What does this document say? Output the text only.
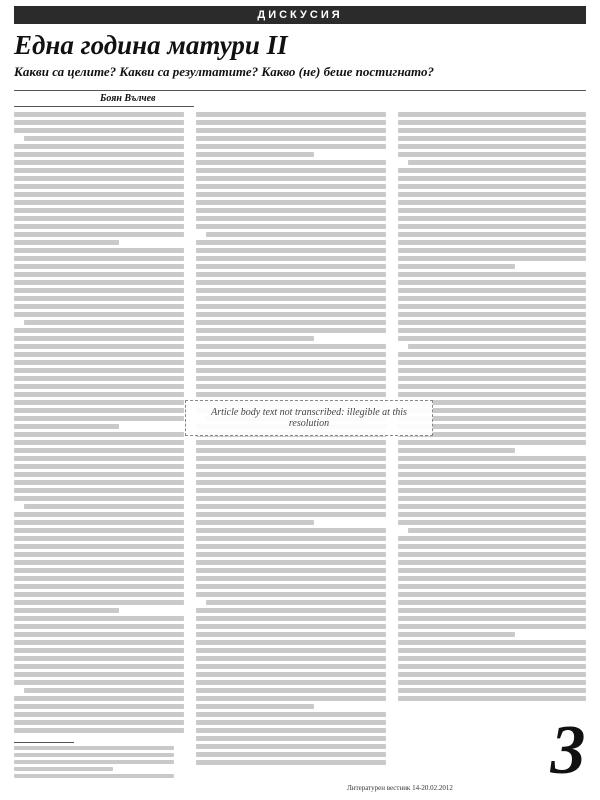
ДИСКУСИЯ
Една година матури II

Какви са целите? Какви са резултатите? Какво (не) беше постигнато?

Боян Вълчев
Article body text not transcribed: illegible at this resolution
Литературен вестник 14-20.02.2012	3
